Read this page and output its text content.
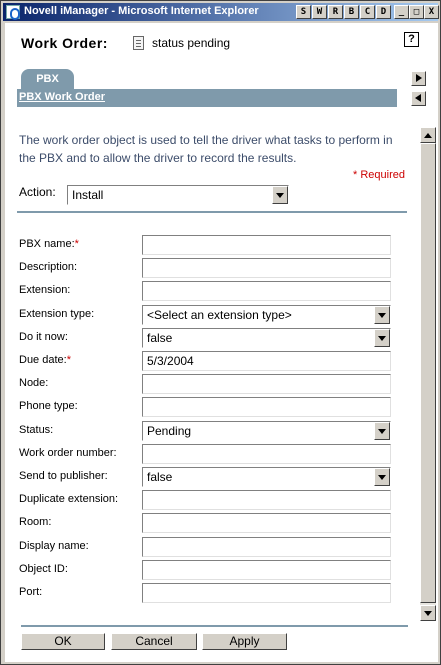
Novell iManager - Microsoft Internet Explorer	S	W	R	B	C	D	_	□	X
Work Order:	status pending	?
PBX
PBX Work Order
The work order object is used to tell the driver what tasks to perform in the PBX and to allow the driver to record the results.
* Required
Action:	Install
PBX name:*
Description:
Extension:
Extension type:	<Select an extension type>
Do it now:	false
Due date:*	5/3/2004
Node:
Phone type:
Status:	Pending
Work order number:
Send to publisher:	false
Duplicate extension:
Room:
Display name:
Object ID:
Port:
OK	Cancel	Apply
